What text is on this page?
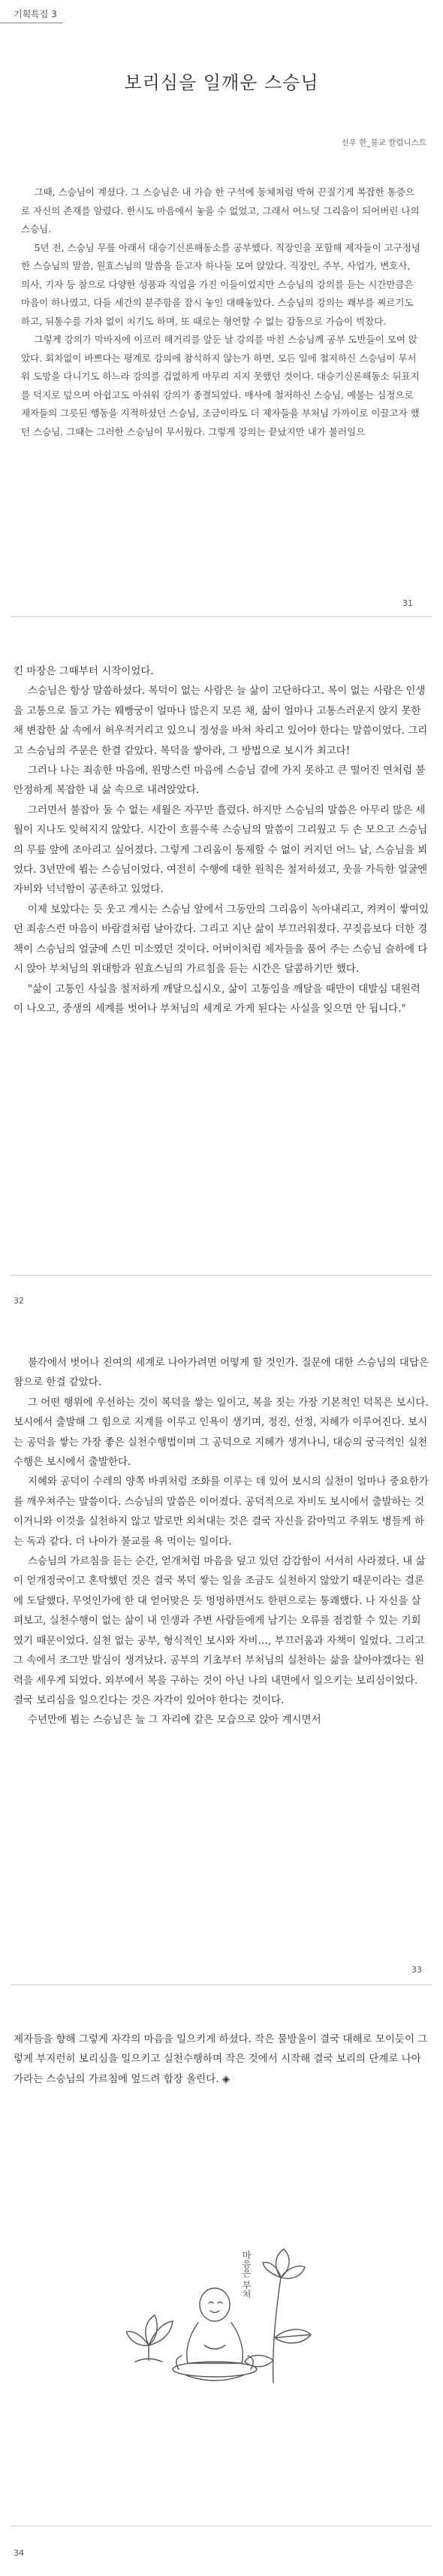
기획특집 3
보리심을 일깨운 스승님
선우 한_불교 칼럼니스트

그때, 스승님이 계셨다. 그 스승님은 내 가슴 한 구석에 동체처럼 박혀 끈질기게 복잡한 통증으로 자신의 존재를 알렸다. 한시도 마음에서 놓을 수 없었고, 그래서 어느덧 그리움이 되어버린 나의 스승님.

5년 전, 스승님 무릎 아래서 대승기신론해동소를 공부했다. 직장인을 포함해 제자들이 고구정녕한 스승님의 말씀, 원효스님의 말씀을 듣고자 하나둘 모여 앉았다. 직장인, 주부, 사업가, 변호사, 의사, 기자 등 참으로 다양한 성품과 직업을 가진 이들이었지만 스승님의 강의를 듣는 시간만큼은 마음이 하나였고, 다들 세간의 분주함을 잠시 놓인 대해놓았다. 스승님의 강의는 쾌부를 찌르기도 하고, 뒤통수를 가차 없이 치기도 하며, 또 때로는 형언할 수 없는 감동으로 가슴이 벅찼다.

그렇게 강의가 막바지에 이르러 해거리를 앞둔 날 강의를 마친 스승님께 공부 도반들이 모여 앉았다. 회차없이 바쁘다는 평계로 강의에 참석하지 않는가 하면, 모든 일에 철저하신 스승님이 무서워 도망을 다니기도 하느라 강의를 겁없하게 마무리 지지 못했던 것이다. 대승기신론해동소 뒤표지를 덕지로 덮으며 아쉽고도 아쉬워 강의가 종결되었다. 매사에 철저하신 스승님, 예불는 심정으로 제자들의 그릇된 행동을 지적하셨던 스승님, 조금이라도 더 제자들을 부처님 가까이로 이끌고자 했던 스승님. 그때는 그러한 스승님이 무서웠다. 그렇게 강의는 끝났지만 내가 불러일으

31

킨 마장은 그때부터 시작이었다.

스승님은 항상 말씀하셨다. 복덕이 없는 사람은 늘 삶이 고단하다고. 복이 없는 사람은 인생을 고통으로 돌고 가는 웨빵궁이 얼마나 많은지 모른 채, 삶이 얼마나 고통스러운지 앉지 못한 채 변잡한 삶 속에서 허우적거리고 있으니 정성을 바쳐 차리고 있어야 한다는 말씀이었다. 그리고 스승님의 주문은 한결 같았다. 복덕을 쌓아라, 그 방법으로 보시가 최고다!

그러나 나는 죄송한 마음에, 원망스런 마음에 스승님 곁에 가지 못하고 큰 떨어진 연처럼 불안정하게 복잡한 내 삶 속으로 내려앉았다.

그러면서 불잡아 둘 수 없는 세월은 자꾸만 흘렀다. 하지만 스승님의 말씀은 아무리 많은 세월이 지나도 잊혀지지 않았다. 시간이 흐를수록 스승님의 말씀이 그리웠고 두 손 모으고 스승님의 무릎 앞에 조아리고 싶어졌다. 그렇게 그리움이 통제할 수 없이 커지던 어느 날, 스승님을 뵈었다. 3년만에 뵙는 스승님이었다. 여전히 수행에 대한 원칙은 철저하셨고, 웃을 가득한 얼굴엔 자비와 넉넉함이 공존하고 있었다.

이제 보았다는 듯 웃고 계시는 스승님 앞에서 그동안의 그리움이 녹아내리고, 켜켜이 쌓여있던 죄송스런 마음이 바람결처럼 날아갔다. 그리고 지난 삶이 부끄러워졌다. 꾸짖음보다 더한 경책이 스승님의 얼굴에 스민 미소였던 것이다. 어버이처럼 제자들을 품어 주는 스승님 슬하에 다시 앉아 부처님의 위대함과 원효스님의 가르침을 듣는 시간은 달콤하기만 했다.

"삶이 고통인 사실을 철저하게 깨달으십시오, 삶이 고통임을 깨달을 때만이 대발심 대원력이 나오고, 중생의 세계를 벗어나 부처님의 세계로 가게 된다는 사실을 잊으면 안 됩니다."

32

불각에서 벗어나 진여의 세계로 나아가려면 어떻게 할 것인가. 질문에 대한 스승님의 대답은 참으로 한결 같았다.

그 어떤 행위에 우선하는 것이 복덕을 쌓는 일이고, 복을 짓는 가장 기본적인 덕목은 보시다. 보시에서 출발해 그 힘으로 지계를 이루고 인욕이 생기며, 정진, 선정, 지혜가 이루어진다. 보시는 공덕을 쌓는 가장 좋은 실천수행법이며 그 공덕으로 지혜가 생겨나니, 대승의 궁극적인 실천수행은 보시에서 출발한다.

지혜와 공덕이 수레의 양쪽 바퀴처럼 조화를 이루는 데 있어 보시의 실천이 얼마나 중요한가를 깨우쳐주는 말씀이다. 스승님의 말씀은 이어졌다. 공덕적으로 자비도 보시에서 출발하는 것이거니와 이것을 실천하지 않고 말로만 외쳐대는 것은 결국 자신을 갉아먹고 주위도 병들게 하는 독과 같다. 더 나아가 불교를 욕 먹이는 일이다.

스승님의 가르침을 듣는 순간, 얻개처럼 마음을 덮고 있던 감감함이 서서히 사라졌다. 내 삶이 얻개정국이고 혼탁했던 것은 결국 복덕 쌓는 일을 조금도 실천하지 않았기 때문이라는 결론에 도달했다. 무엇인가에 한 대 얻어맞은 듯 멍멍하면서도 한편으로는 통쾌했다. 나 자신을 살펴보고, 실천수행이 없는 삶이 내 인생과 주변 사람들에게 남기는 오류를 점검할 수 있는 기회였기 때문이었다. 실천 없는 공부, 형식적인 보시와 자비…, 부끄러움과 자책이 일었다. 그리고 그 속에서 조그만 발심이 생겨났다. 공부의 기초부터 부처님의 실천하는 삶을 살아야겠다는 원력을 세우게 되었다. 외부에서 복을 구하는 것이 아닌 나의 내면에서 일으키는 보리심이었다. 결국 보리심을 일으킨다는 것은 자각이 있어야 한다는 것이다.

수년만에 뵙는 스승님은 늘 그 자리에 같은 모습으로 앉아 계시면서

33

제자들을 향해 그렇게 자각의 마음을 일으키게 하셨다. 작은 물방울이 결국 대해로 모이듯이 그렇게 부지런히 보리심을 일으키고 실천수행하며 작은 것에서 시작해 결국 보리의 단계로 나아가라는 스승님의 가르침에 엎드려 합장 올린다. ◈

마음은 부처
34
